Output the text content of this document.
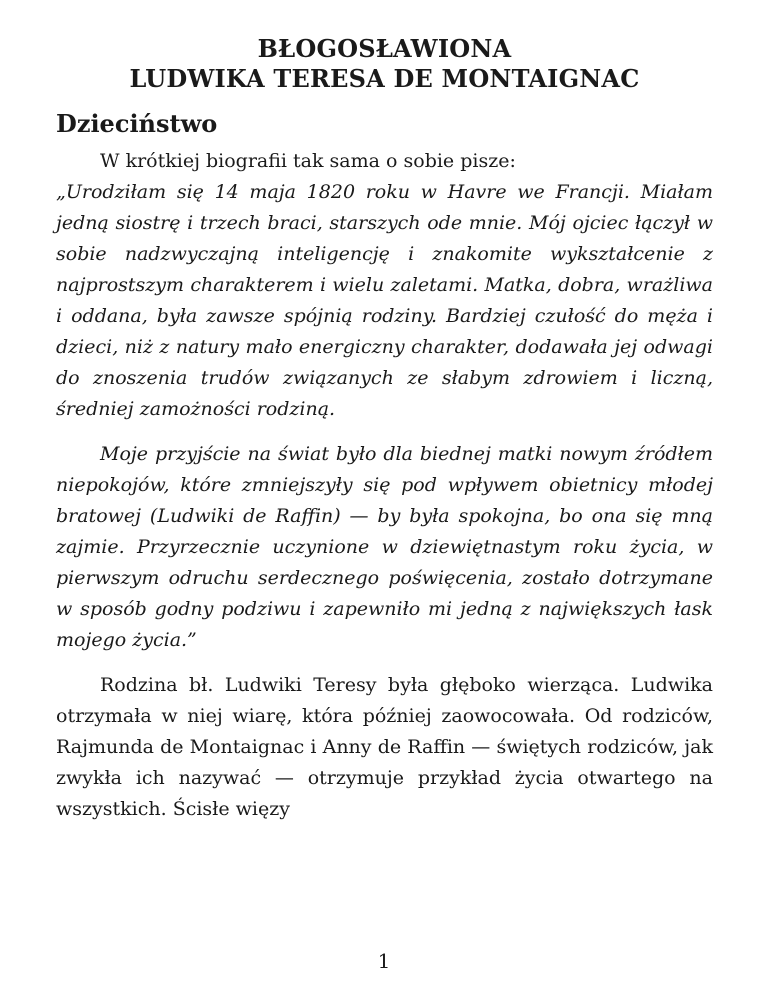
BŁOGOSŁAWIONA
LUDWIKA TERESA DE MONTAIGNAC
Dzieciństwo

W krótkiej biografii tak sama o sobie pisze:

„Urodziłam się 14 maja 1820 roku w Havre we Francji. Miałam jedną siostrę i trzech braci, starszych ode mnie. Mój ojciec łączył w sobie nadzwyczajną inteligencję i znakomite wykształcenie z najprostszym charakterem i wielu zaletami. Matka, dobra, wrażliwa i oddana, była zawsze spójnią rodziny. Bardziej czułość do męża i dzieci, niż z natury mało energiczny charakter, dodawała jej odwagi do znoszenia trudów związanych ze słabym zdrowiem i liczną, średniej zamożności rodziną.

Moje przyjście na świat było dla biednej matki nowym źródłem niepokojów, które zmniejszyły się pod wpływem obietnicy młodej bratowej (Ludwiki de Raffin) — by była spokojna, bo ona się mną zajmie. Przyrzecznie uczynione w dziewiętnastym roku życia, w pierwszym odruchu serdecznego poświęcenia, zostało dotrzymane w sposób godny podziwu i zapewniło mi jedną z największych łask mojego życia.”

Rodzina bł. Ludwiki Teresy była głęboko wierząca. Ludwika otrzymała w niej wiarę, która później zaowocowała. Od rodziców, Rajmunda de Montaignac i Anny de Raffin — świętych rodziców, jak zwykła ich nazywać — otrzymuje przykład życia otwartego na wszystkich. Ścisłe więzy

1
